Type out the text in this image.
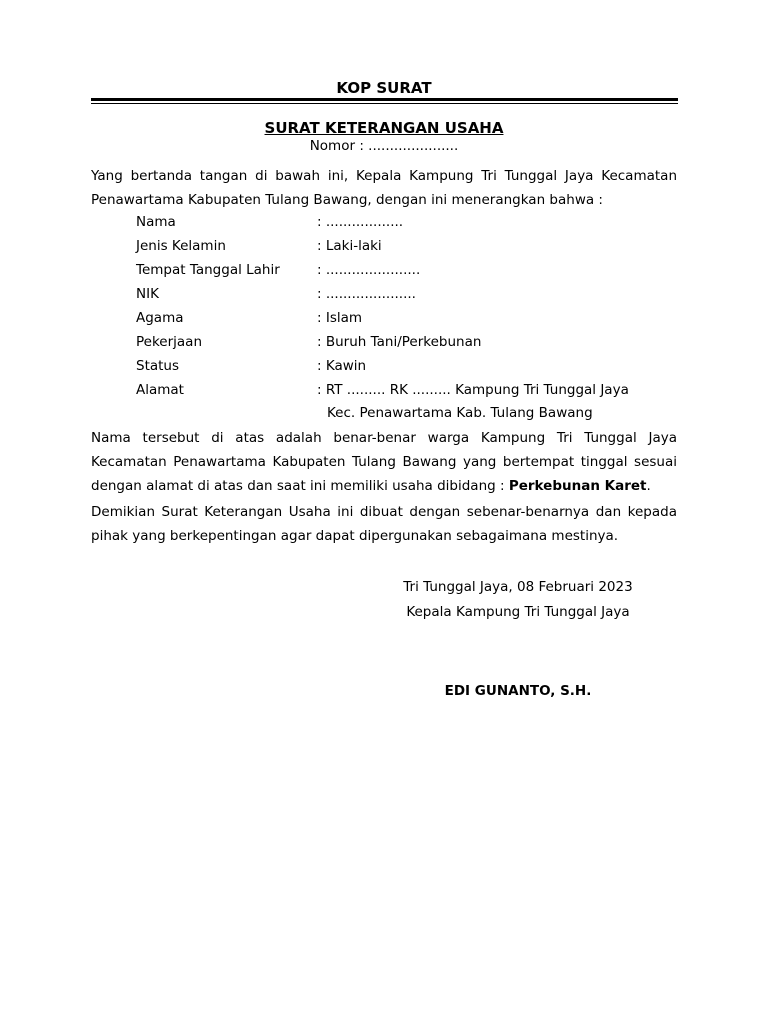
KOP SURAT
SURAT KETERANGAN USAHA
Nomor : .....................
Yang bertanda tangan di bawah ini, Kepala Kampung Tri Tunggal Jaya Kecamatan Penawartama Kabupaten Tulang Bawang, dengan ini menerangkan bahwa :
Nama	: ..................
Jenis Kelamin	: Laki-laki
Tempat Tanggal Lahir	: ......................
NIK	: .....................
Agama	: Islam
Pekerjaan	: Buruh Tani/Perkebunan
Status	: Kawin
Alamat	: RT ......... RK ......... Kampung Tri Tunggal Jaya
Kec. Penawartama Kab. Tulang Bawang
Nama tersebut di atas adalah benar-benar warga Kampung Tri Tunggal Jaya Kecamatan Penawartama Kabupaten Tulang Bawang yang bertempat tinggal sesuai dengan alamat di atas dan saat ini memiliki usaha dibidang : Perkebunan Karet.
Demikian Surat Keterangan Usaha ini dibuat dengan sebenar-benarnya dan kepada pihak yang berkepentingan agar dapat dipergunakan sebagaimana mestinya.
Tri Tunggal Jaya, 08 Februari 2023
Kepala Kampung Tri Tunggal Jaya
EDI GUNANTO, S.H.
